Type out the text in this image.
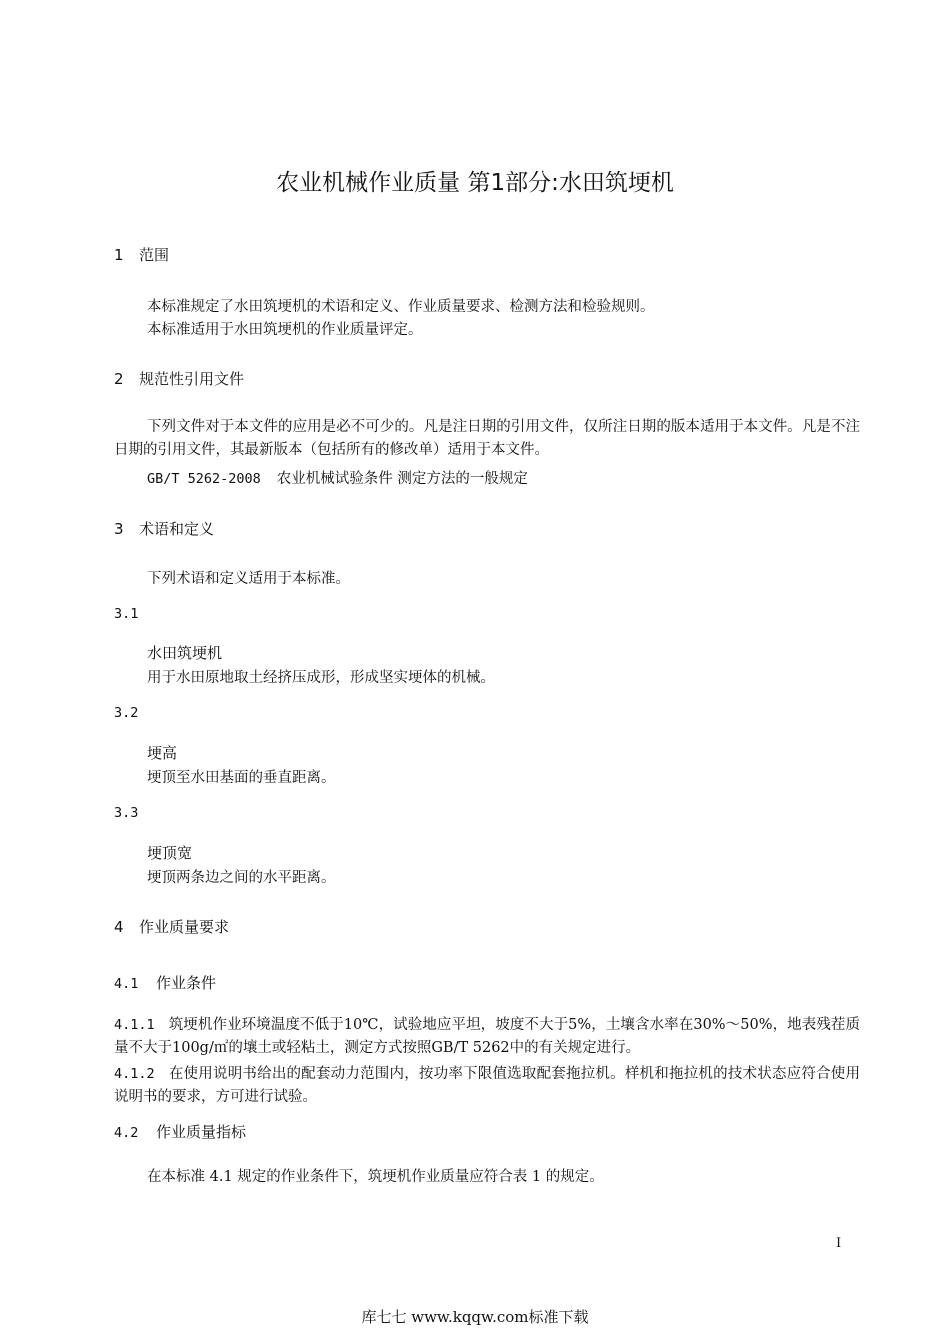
农业机械作业质量 第1部分:水田筑埂机
1 范围
本标准规定了水田筑埂机的术语和定义、作业质量要求、检测方法和检验规则。
本标准适用于水田筑埂机的作业质量评定。
2 规范性引用文件
下列文件对于本文件的应用是必不可少的。凡是注日期的引用文件，仅所注日期的版本适用于本文件。凡是不注日期的引用文件，其最新版本（包括所有的修改单）适用于本文件。
GB/T 5262-2008 农业机械试验条件 测定方法的一般规定
3 术语和定义
下列术语和定义适用于本标准。
3.1
水田筑埂机
用于水田原地取土经挤压成形，形成坚实埂体的机械。
3.2
埂高
埂顶至水田基面的垂直距离。
3.3
埂顶宽
埂顶两条边之间的水平距离。
4 作业质量要求
4.1 作业条件
4.1.1 筑埂机作业环境温度不低于10℃，试验地应平坦，坡度不大于5%，土壤含水率在30%～50%，地表残茬质量不大于100g/㎡的壤土或轻粘土，测定方式按照GB/T 5262中的有关规定进行。
4.1.2 在使用说明书给出的配套动力范围内，按功率下限值选取配套拖拉机。样机和拖拉机的技术状态应符合使用说明书的要求，方可进行试验。
4.2 作业质量指标
在本标准 4.1 规定的作业条件下，筑埂机作业质量应符合表 1 的规定。
I
库七七 www.kqqw.com标准下载
